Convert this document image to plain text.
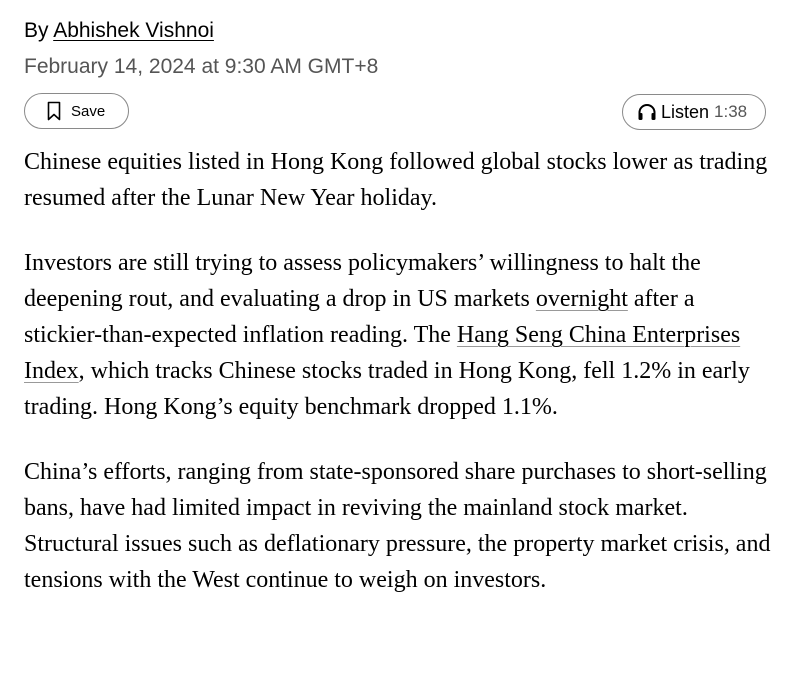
By Abhishek Vishnoi
February 14, 2024 at 9:30 AM GMT+8
Save	Listen 1:38

Chinese equities listed in Hong Kong followed global stocks lower as trading resumed after the Lunar New Year holiday.

Investors are still trying to assess policymakers’ willingness to halt the deepening rout, and evaluating a drop in US markets overnight after a stickier-than-expected inflation reading. The Hang Seng China Enterprises Index, which tracks Chinese stocks traded in Hong Kong, fell 1.2% in early trading. Hong Kong’s equity benchmark dropped 1.1%.

China’s efforts, ranging from state-sponsored share purchases to short-selling bans, have had limited impact in reviving the mainland stock market. Structural issues such as deflationary pressure, the property market crisis, and tensions with the West continue to weigh on investors.
